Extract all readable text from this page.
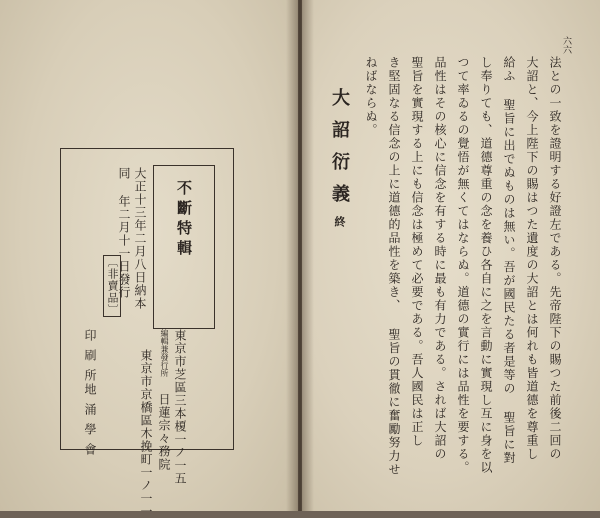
不斷特輯
大正十三年二月八日納本
同
年二月十一日發行
〔非賣品〕
東京市芝區三本榎一ノ一五
編輯兼發行所
日蓮宗々務院
東京市京橋區木挽町一ノ一一
印刷所
地涌學會
六六
大詔衍義終	法との一致を證明する好證左である。先帝陛下の賜つた前後二回の
大詔と、今上陛下の賜はつた遺度の大詔とは何れも皆道德を尊重し
給ふ 聖旨に出でぬものは無い。吾が國民たる者是等の 聖旨に對
し奉りても、道德尊重の念を養ひ各自に之を言動に實現し互に身を以
つて率ゐるの覺悟が無くてはならぬ。道德の實行には品性を要する。
品性はその核心に信念を有する時に最も有力である。されば大詔の
聖旨を實現する上にも信念は極めて必要である。吾人國民は正し
き堅固なる信念の上に道德的品性を築き、 聖旨の貫徹に奮勵努力せ
ねばならぬ。
